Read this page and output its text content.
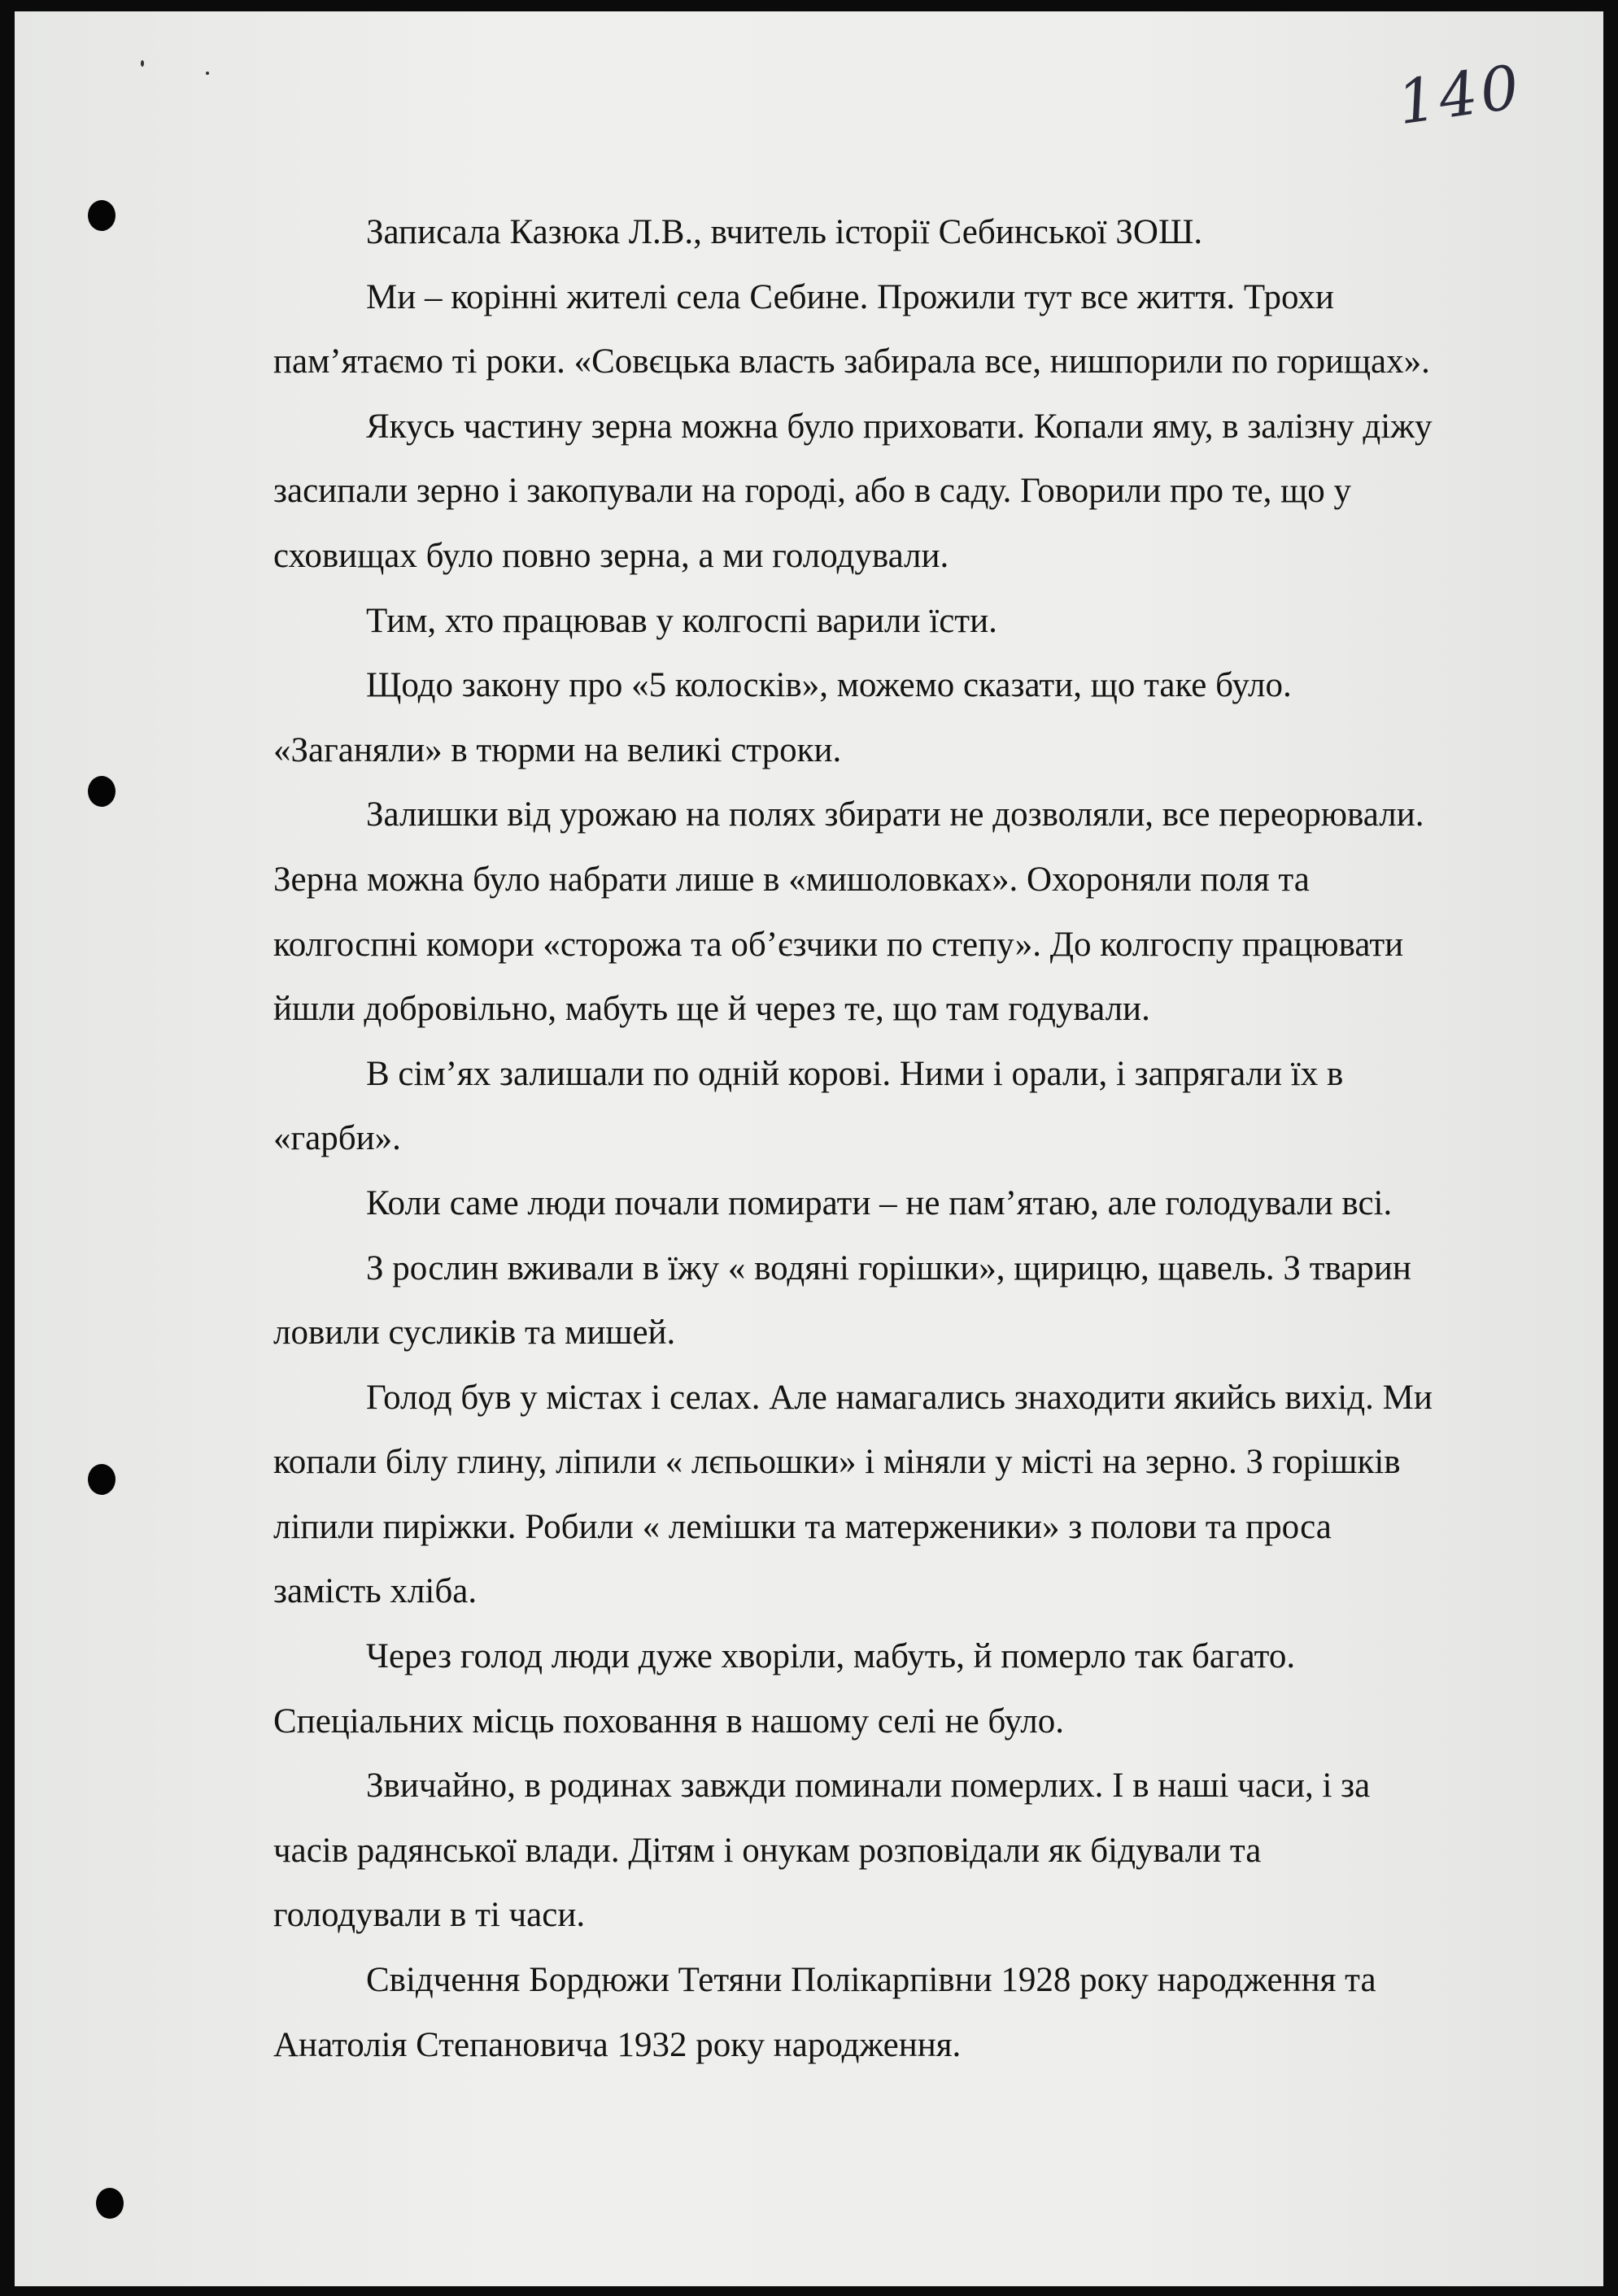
140
Записала Казюка Л.В., вчитель історії Себинської ЗОШ.
Ми – корінні жителі села Себине. Прожили тут все життя. Трохи
пам’ятаємо ті роки. «Совєцька власть забирала все, нишпорили по горищах».
Якусь частину зерна можна було приховати. Копали яму, в залізну діжу
засипали зерно і закопували на городі, або в саду. Говорили про те, що у
сховищах було повно зерна, а ми голодували.
Тим, хто працював у колгоспі варили їсти.
Щодо закону про «5 колосків», можемо сказати, що таке було.
«Заганяли» в тюрми на великі строки.
Залишки від урожаю на полях збирати не дозволяли, все переорювали.
Зерна можна було набрати лише в «мишоловках». Охороняли поля та
колгоспні комори «сторожа та об’єзчики по степу». До колгоспу працювати
йшли добровільно, мабуть ще й через те, що там годували.
В сім’ях залишали по одній корові. Ними і орали, і запрягали їх в
«гарби».
Коли саме люди почали помирати – не пам’ятаю, але голодували всі.
З рослин вживали в їжу « водяні горішки», щирицю, щавель. З тварин
ловили сусликів та мишей.
Голод був у містах і селах. Але намагались знаходити якийсь вихід. Ми
копали білу глину, ліпили « лєпьошки» і міняли у місті на зерно. З горішків
ліпили пиріжки. Робили « лемішки та матерженики» з полови та проса
замість хліба.
Через голод люди дуже хворіли, мабуть, й померло так багато.
Спеціальних місць поховання в нашому селі не було.
Звичайно, в родинах завжди поминали померлих. І в наші часи, і за
часів радянської влади. Дітям і онукам розповідали як бідували та
голодували в ті часи.
Свідчення Бордюжи Тетяни Полікарпівни 1928 року народження та
Анатолія Степановича 1932 року народження.
